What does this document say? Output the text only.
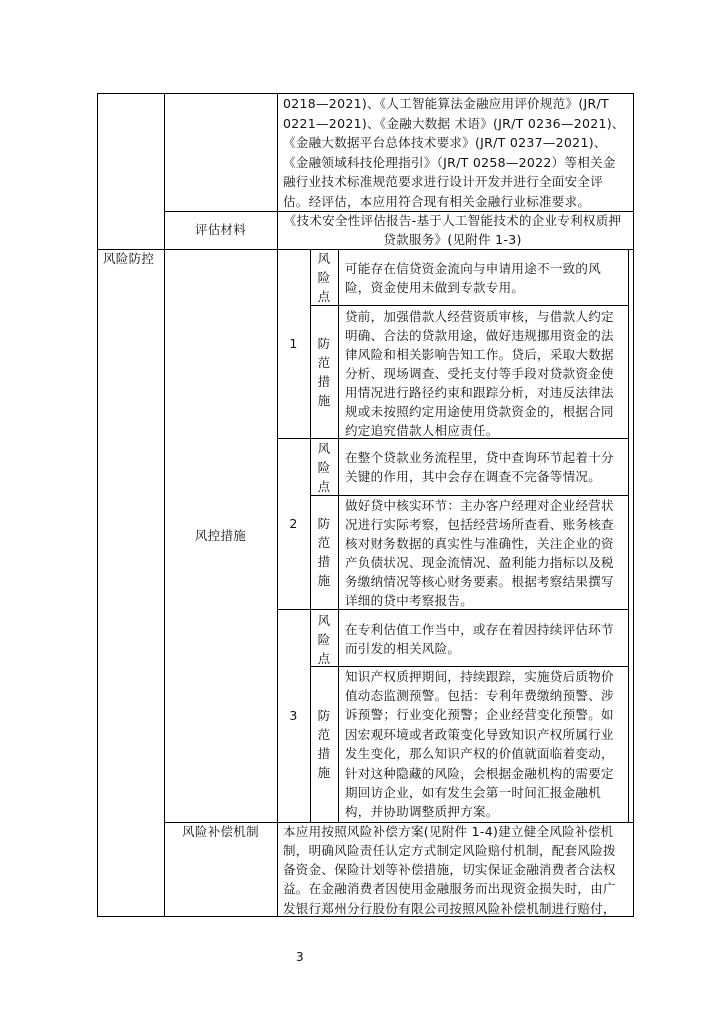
0218—2021)、《人工智能算法金融应用评价规范》(JR/T
0221—2021)、《金融大数据 术语》(JR/T 0236—2021)、
《金融大数据平台总体技术要求》(JR/T 0237—2021)、
《金融领域科技伦理指引》（JR/T 0258—2022）等相关金
融行业技术标准规范要求进行设计开发并进行全面安全评
估。经评估，本应用符合现有相关金融行业标准要求。
评估材料
《技术安全性评估报告-基于人工智能技术的企业专利权质押
贷款服务》(见附件 1-3)
风险防控
风控措施
1
风
险
点
可能存在信贷资金流向与申请用途不一致的风
险，资金使用未做到专款专用。
防
范
措
施
贷前，加强借款人经营资质审核，与借款人约定
明确、合法的贷款用途，做好违规挪用资金的法
律风险和相关影响告知工作。贷后，采取大数据
分析、现场调查、受托支付等手段对贷款资金使
用情况进行路径约束和跟踪分析，对违反法律法
规或未按照约定用途使用贷款资金的，根据合同
约定追究借款人相应责任。
2
风
险
点
在整个贷款业务流程里，贷中查询环节起着十分
关键的作用，其中会存在调查不完备等情况。
防
范
措
施
做好贷中核实环节：主办客户经理对企业经营状
况进行实际考察，包括经营场所查看、账务核查
核对财务数据的真实性与准确性，关注企业的资
产负债状况、现金流情况、盈利能力指标以及税
务缴纳情况等核心财务要素。根据考察结果撰写
详细的贷中考察报告。
3
风
险
点
在专利估值工作当中，或存在着因持续评估环节
而引发的相关风险。
防
范
措
施
知识产权质押期间，持续跟踪，实施贷后质物价
值动态监测预警。包括：专利年费缴纳预警、涉
诉预警；行业变化预警；企业经营变化预警。如
因宏观环境或者政策变化导致知识产权所属行业
发生变化，那么知识产权的价值就面临着变动，
针对这种隐藏的风险，会根据金融机构的需要定
期回访企业，如有发生会第一时间汇报金融机
构，并协助调整质押方案。
风险补偿机制	本应用按照风险补偿方案(见附件 1-4)建立健全风险补偿机
制，明确风险责任认定方式制定风险赔付机制，配套风险拨
备资金、保险计划等补偿措施，切实保证金融消费者合法权
益。在金融消费者因使用金融服务而出现资金损失时，由广
发银行郑州分行股份有限公司按照风险补偿机制进行赔付，
3
